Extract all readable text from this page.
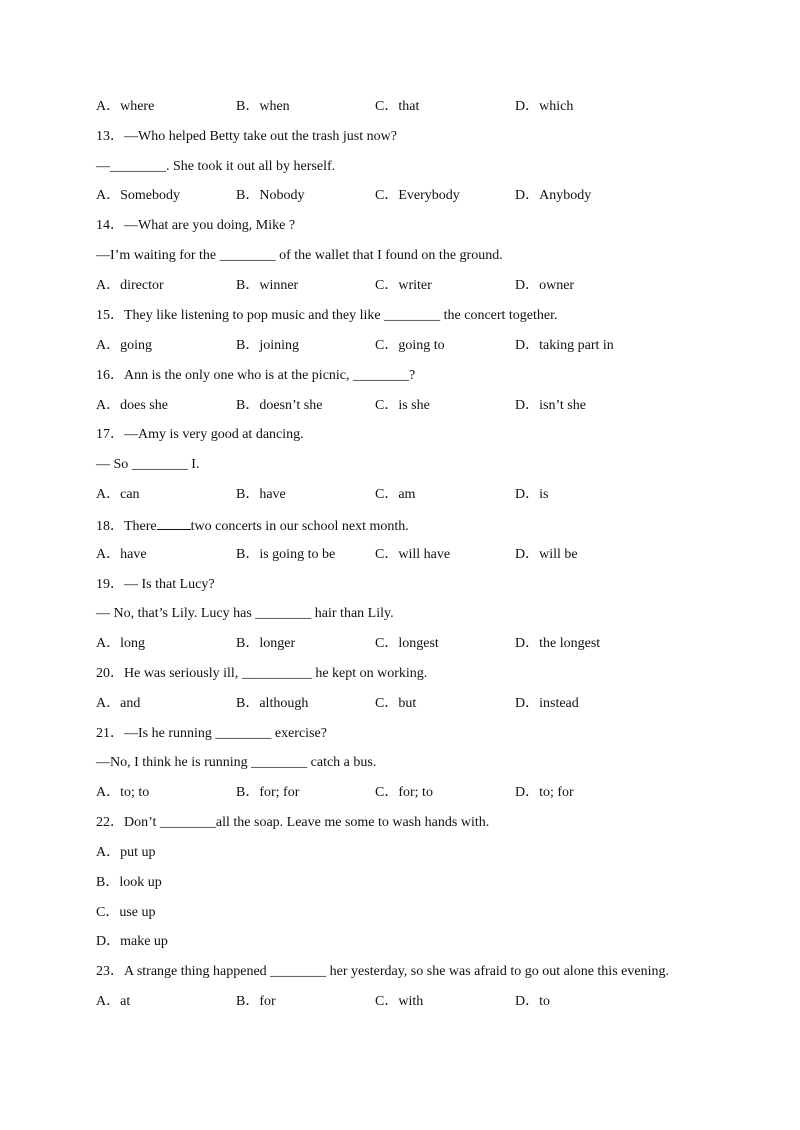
A．where	B．when	C．that	D．which
13．—Who helped Betty take out the trash just now?
—________. She took it out all by herself.
A．Somebody	B．Nobody	C．Everybody	D．Anybody
14．—What are you doing, Mike ?
—I’m waiting for the ________ of the wallet that I found on the ground.
A．director	B．winner	C．writer	D．owner
15．They like listening to pop music and they like ________ the concert together.
A．going	B．joining	C．going to	D．taking part in
16．Ann is the only one who is at the picnic, ________?
A．does she	B．doesn’t she	C．is she	D．isn’t she
17．—Amy is very good at dancing.
— So ________ I.
A．can	B．have	C．am	D．is
18．There two concerts in our school next month.
A．have	B．is going to be	C．will have	D．will be
19．— Is that Lucy?
— No, that’s Lily. Lucy has ________ hair than Lily.
A．long	B．longer	C．longest	D．the longest
20．He was seriously ill, __________ he kept on working.
A．and	B．although	C．but	D．instead
21．—Is he running ________ exercise?
—No, I think he is running ________ catch a bus.
A．to; to	B．for; for	C．for; to	D．to; for
22．Don’t ________all the soap. Leave me some to wash hands with.
A．put up
B．look up
C．use up
D．make up
23．A strange thing happened ________ her yesterday, so she was afraid to go out alone this evening.
A．at	B．for	C．with	D．to
